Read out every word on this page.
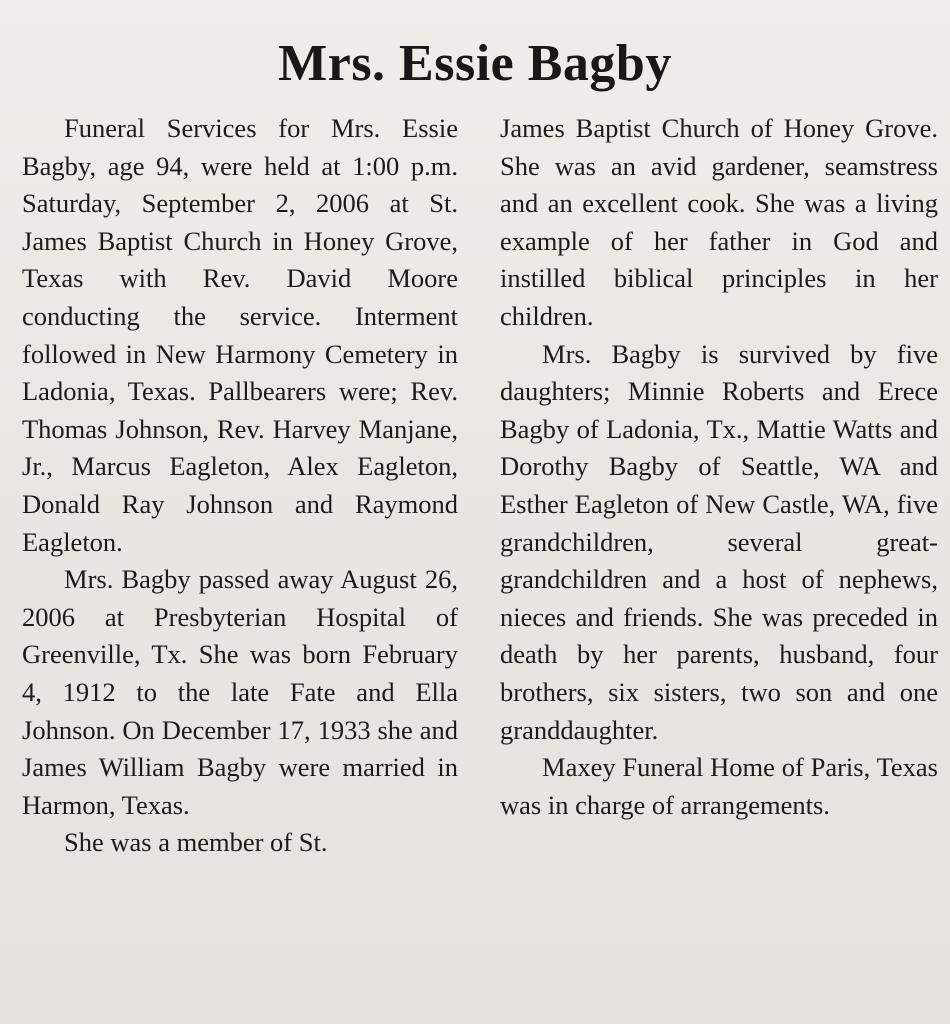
Mrs. Essie Bagby

Funeral Services for Mrs. Essie Bagby, age 94, were held at 1:00 p.m. Saturday, September 2, 2006 at St. James Baptist Church in Honey Grove, Texas with Rev. David Moore conducting the service. Interment followed in New Harmony Cemetery in Ladonia, Texas. Pallbearers were; Rev. Thomas Johnson, Rev. Harvey Manjane, Jr., Marcus Eagleton, Alex Eagleton, Donald Ray Johnson and Raymond Eagleton.

Mrs. Bagby passed away August 26, 2006 at Presbyterian Hospital of Greenville, Tx. She was born February 4, 1912 to the late Fate and Ella Johnson. On December 17, 1933 she and James William Bagby were married in Harmon, Texas.

She was a member of St.

James Baptist Church of Honey Grove. She was an avid gardener, seamstress and an excellent cook. She was a living example of her father in God and instilled biblical principles in her children.

Mrs. Bagby is survived by five daughters; Minnie Roberts and Erece Bagby of Ladonia, Tx., Mattie Watts and Dorothy Bagby of Seattle, WA and Esther Eagleton of New Castle, WA, five grandchildren, several great-grandchildren and a host of nephews, nieces and friends. She was preceded in death by her parents, husband, four brothers, six sisters, two son and one granddaughter.

Maxey Funeral Home of Paris, Texas was in charge of arrangements.
